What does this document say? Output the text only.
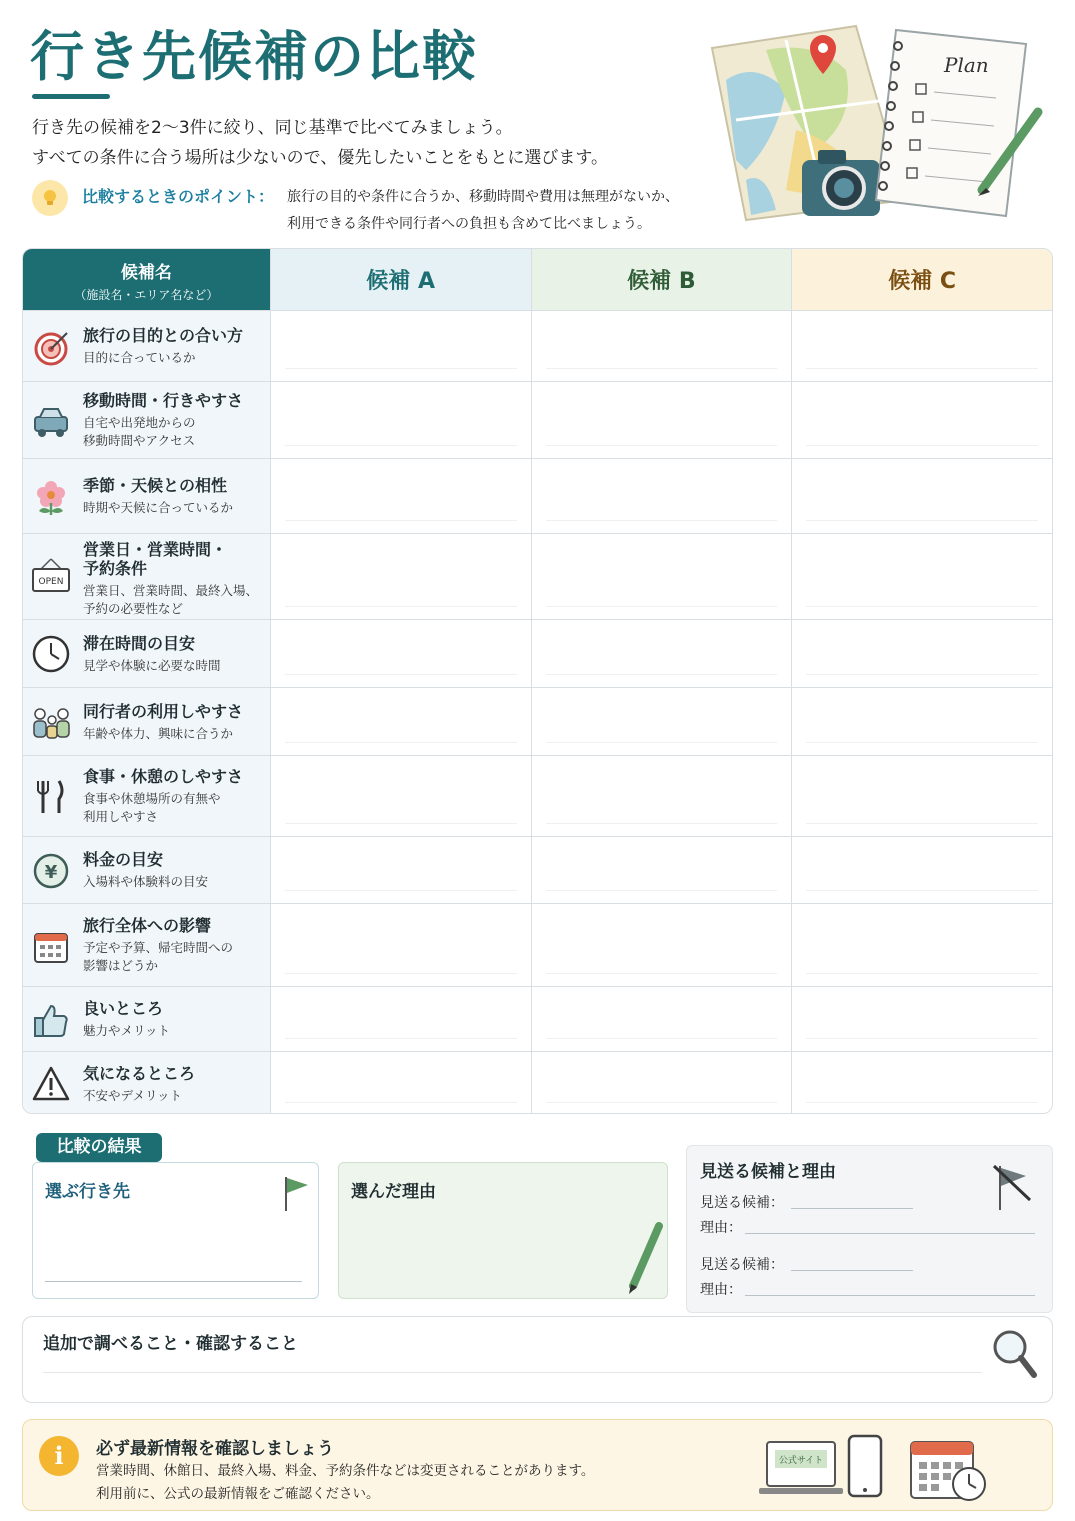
行き先候補の比較
行き先の候補を2〜3件に絞り、同じ基準で比べてみましょう。
すべての条件に合う場所は少ないので、優先したいことをもとに選びます。
比較するときのポイント： 旅行の目的や条件に合うか、移動時間や費用は無理がないか、
利用できる条件や同行者への負担も含めて比べましょう。
Plan
候補名
（施設名・エリア名など）
候補 A	候補 B	候補 C
旅行の目的との合い方
目的に合っているか
移動時間・行きやすさ
自宅や出発地からの
移動時間やアクセス
季節・天候との相性
時期や天候に合っているか
OPEN
営業日・営業時間・
予約条件
営業日、営業時間、最終入場、
予約の必要性など
滞在時間の目安
見学や体験に必要な時間
同行者の利用しやすさ
年齢や体力、興味に合うか
食事・休憩のしやすさ
食事や休憩場所の有無や
利用しやすさ
¥
料金の目安
入場料や体験料の目安
旅行全体への影響
予定や予算、帰宅時間への
影響はどうか
良いところ
魅力やメリット
気になるところ
不安やデメリット
比較の結果
選ぶ行き先	選んだ理由
見送る候補と理由
見送る候補：
理由：
見送る候補：
理由：
追加で調べること・確認すること
i	必ず最新情報を確認しましょう
営業時間、休館日、最終入場、料金、予約条件などは変更されることがあります。
利用前に、公式の最新情報をご確認ください。
公式サイト
